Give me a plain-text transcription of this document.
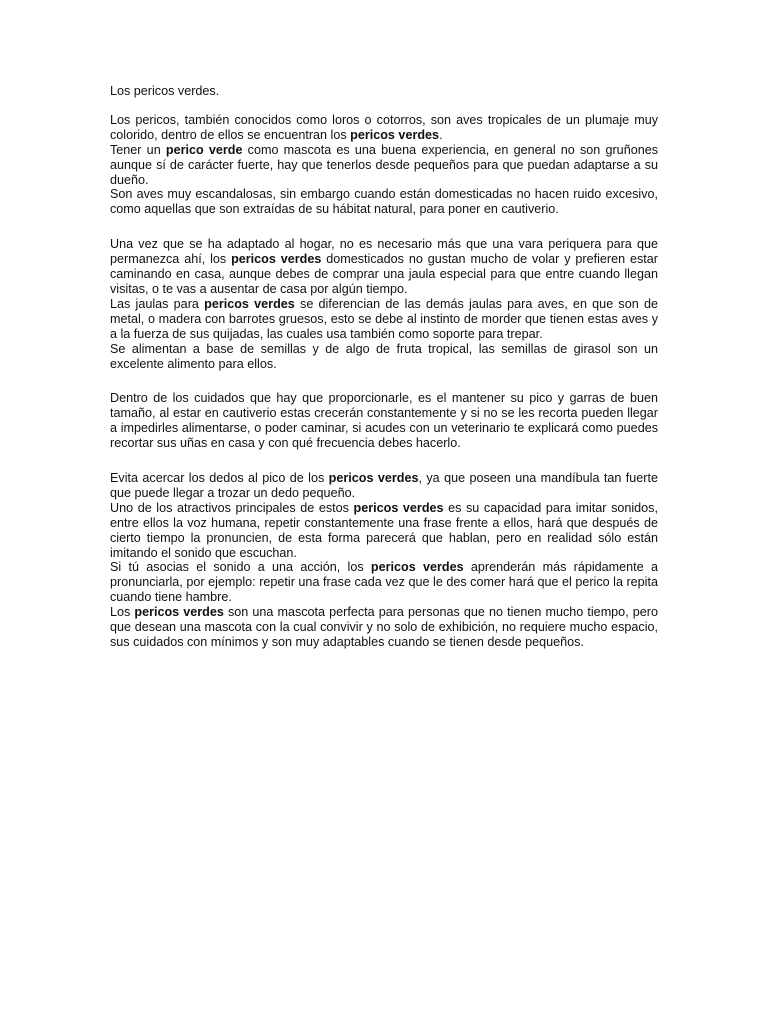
Los pericos verdes.

Los pericos, también conocidos como loros o cotorros, son aves tropicales de un plumaje muy colorido, dentro de ellos se encuentran los pericos verdes.

Tener un perico verde como mascota es una buena experiencia, en general no son gruñones aunque sí de carácter fuerte, hay que tenerlos desde pequeños para que puedan adaptarse a su dueño.

Son aves muy escandalosas, sin embargo cuando están domesticadas no hacen ruido excesivo, como aquellas que son extraídas de su hábitat natural, para poner en cautiverio.

Una vez que se ha adaptado al hogar, no es necesario más que una vara periquera para que permanezca ahí, los pericos verdes domesticados no gustan mucho de volar y prefieren estar caminando en casa, aunque debes de comprar una jaula especial para que entre cuando llegan visitas, o te vas a ausentar de casa por algún tiempo.

Las jaulas para pericos verdes se diferencian de las demás jaulas para aves, en que son de metal, o madera con barrotes gruesos, esto se debe al instinto de morder que tienen estas aves y a la fuerza de sus quijadas, las cuales usa también como soporte para trepar.

Se alimentan a base de semillas y de algo de fruta tropical, las semillas de girasol son un excelente alimento para ellos.

Dentro de los cuidados que hay que proporcionarle, es el mantener su pico y garras de buen tamaño, al estar en cautiverio estas crecerán constantemente y si no se les recorta pueden llegar a impedirles alimentarse, o poder caminar, si acudes con un veterinario te explicará como puedes recortar sus uñas en casa y con qué frecuencia debes hacerlo.

Evita acercar los dedos al pico de los pericos verdes, ya que poseen una mandíbula tan fuerte que puede llegar a trozar un dedo pequeño.

Uno de los atractivos principales de estos pericos verdes es su capacidad para imitar sonidos, entre ellos la voz humana, repetir constantemente una frase frente a ellos, hará que después de cierto tiempo la pronuncien, de esta forma parecerá que hablan, pero en realidad sólo están imitando el sonido que escuchan.

Si tú asocias el sonido a una acción, los pericos verdes aprenderán más rápidamente a pronunciarla, por ejemplo: repetir una frase cada vez que le des comer hará que el perico la repita cuando tiene hambre.

Los pericos verdes son una mascota perfecta para personas que no tienen mucho tiempo, pero que desean una mascota con la cual convivir y no solo de exhibición, no requiere mucho espacio, sus cuidados con mínimos y son muy adaptables cuando se tienen desde pequeños.
